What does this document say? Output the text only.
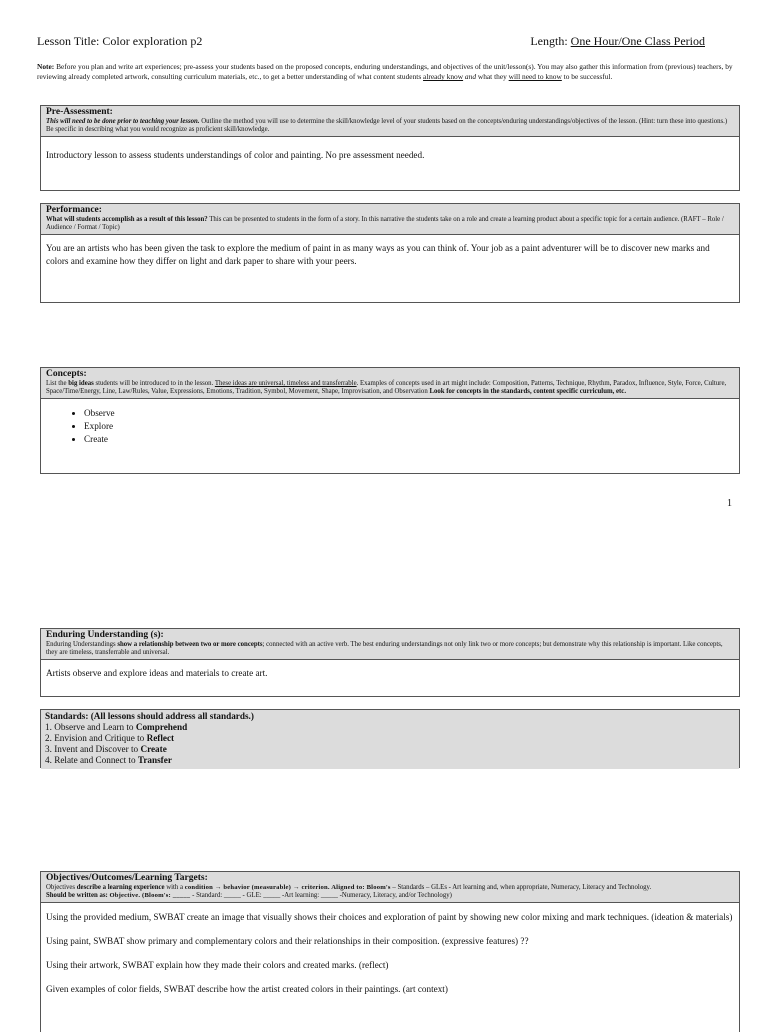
Lesson Title: Color exploration p2	Length: One Hour/One Class Period
Note: Before you plan and write art experiences; pre-assess your students based on the proposed concepts, enduring understandings, and objectives of the unit/lesson(s). You may also gather this information from (previous) teachers, by reviewing already completed artwork, consulting curriculum materials, etc., to get a better understanding of what content students already know and what they will need to know to be successful.
Pre-Assessment:
This will need to be done prior to teaching your lesson. Outline the method you will use to determine the skill/knowledge level of your students based on the concepts/enduring understandings/objectives of the lesson. (Hint: turn these into questions.) Be specific in describing what you would recognize as proficient skill/knowledge.
Introductory lesson to assess students understandings of color and painting. No pre assessment needed.
Performance:
What will students accomplish as a result of this lesson? This can be presented to students in the form of a story. In this narrative the students take on a role and create a learning product about a specific topic for a certain audience. (RAFT – Role / Audience / Format / Topic)
You are an artists who has been given the task to explore the medium of paint in as many ways as you can think of. Your job as a paint adventurer will be to discover new marks and colors and examine how they differ on light and dark paper to share with your peers.
Concepts:
List the big ideas students will be introduced to in the lesson. These ideas are universal, timeless and transferrable. Examples of concepts used in art might include: Composition, Patterns, Technique, Rhythm, Paradox, Influence, Style, Force, Culture, Space/Time/Energy, Line, Law/Rules, Value, Expressions, Emotions, Tradition, Symbol, Movement, Shape, Improvisation, and Observation Look for concepts in the standards, content specific curriculum, etc.
• Observe
• Explore
• Create
1
Enduring Understanding (s):
Enduring Understandings show a relationship between two or more concepts; connected with an active verb. The best enduring understandings not only link two or more concepts; but demonstrate why this relationship is important. Like concepts, they are timeless, transferrable and universal.
Artists observe and explore ideas and materials to create art.
Standards: (All lessons should address all standards.)
1. Observe and Learn to Comprehend
2. Envision and Critique to Reflect
3. Invent and Discover to Create
4. Relate and Connect to Transfer
Objectives/Outcomes/Learning Targets:
Objectives describe a learning experience with a condition → behavior (measurable) → criterion. Aligned to: Bloom's – Standards – GLEs - Art learning and, when appropriate, Numeracy, Literacy and Technology.
Should be written as: Objective. (Bloom's: _____ - Standard: _____ - GLE: _____ -Art learning: _____ -Numeracy, Literacy, and/or Technology)

Using the provided medium, SWBAT create an image that visually shows their choices and exploration of paint by showing new color mixing and mark techniques. (ideation & materials)

Using paint, SWBAT show primary and complementary colors and their relationships in their composition. (expressive features) ??

Using their artwork, SWBAT explain how they made their colors and created marks. (reflect)

Given examples of color fields, SWBAT describe how the artist created colors in their paintings. (art context)
